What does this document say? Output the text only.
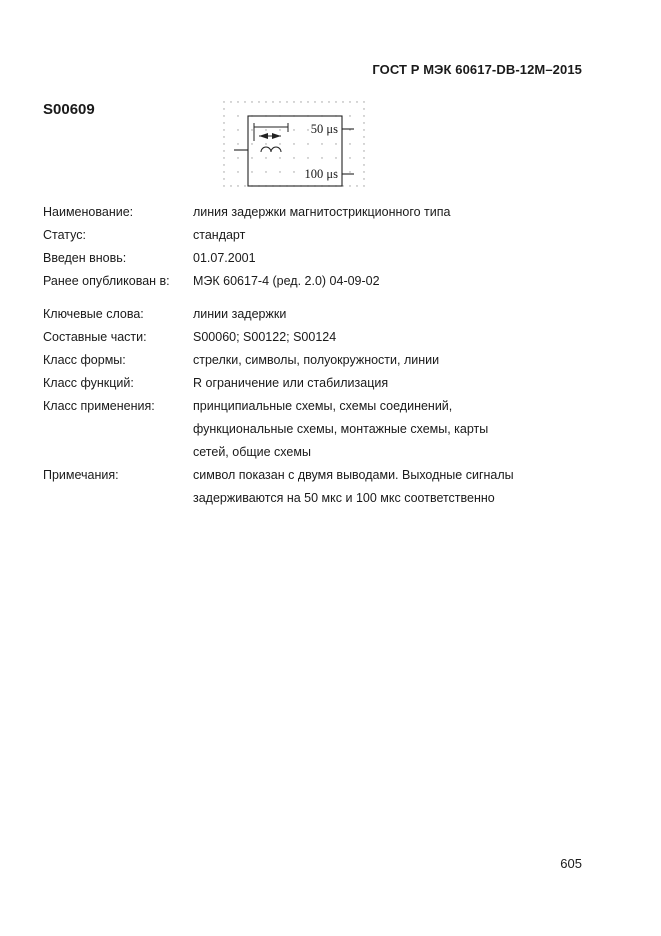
ГОСТ Р МЭК 60617-DB-12M–2015
S00609
50 μs
100 μs
Наименование:	линия задержки магнитострикционного типа
Статус:	стандарт
Введен вновь:	01.07.2001
Ранее опубликован в: МЭК 60617-4 (ред. 2.0) 04-09-02
Ключевые слова:	линии задержки
Составные части:	S00060; S00122; S00124
Класс формы:	стрелки, символы, полуокружности, линии
Класс функций:	R ограничение или стабилизация
Класс применения:	принципиальные схемы, схемы соединений,
функциональные схемы, монтажные схемы, карты
сетей, общие схемы
Примечания:	символ показан с двумя выводами. Выходные сигналы
задерживаются на 50 мкс и 100 мкс соответственно
605
